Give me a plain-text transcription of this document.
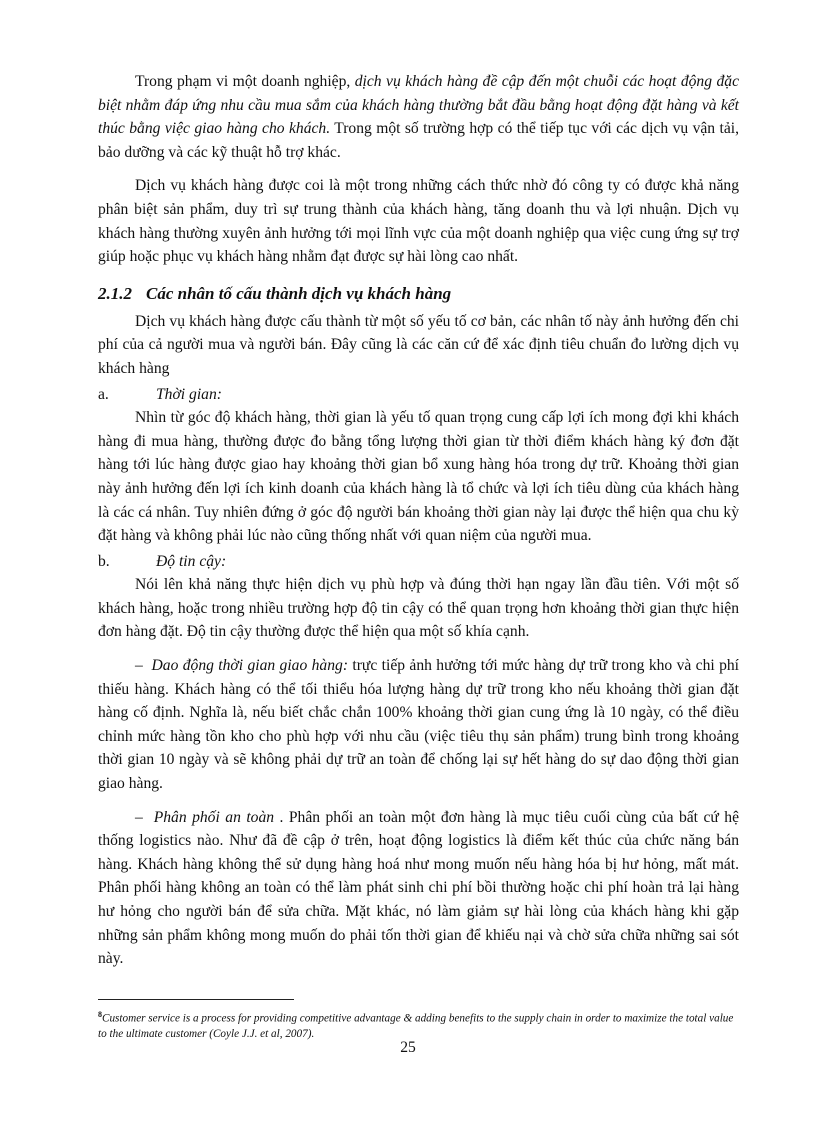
Trong phạm vi một doanh nghiệp, dịch vụ khách hàng đề cập đến một chuỗi các hoạt động đặc biệt nhằm đáp ứng nhu cầu mua sắm của khách hàng thường bắt đầu bằng hoạt động đặt hàng và kết thúc bằng việc giao hàng cho khách. Trong một số trường hợp có thể tiếp tục với các dịch vụ vận tải, bảo dưỡng và các kỹ thuật hỗ trợ khác.

Dịch vụ khách hàng được coi là một trong những cách thức nhờ đó công ty có được khả năng phân biệt sản phẩm, duy trì sự trung thành của khách hàng, tăng doanh thu và lợi nhuận. Dịch vụ khách hàng thường xuyên ảnh hưởng tới mọi lĩnh vực của một doanh nghiệp qua việc cung ứng sự trợ giúp hoặc phục vụ khách hàng nhằm đạt được sự hài lòng cao nhất.

2.1.2 Các nhân tố cấu thành dịch vụ khách hàng

Dịch vụ khách hàng được cấu thành từ một số yếu tố cơ bản, các nhân tố này ảnh hưởng đến chi phí của cả người mua và người bán. Đây cũng là các căn cứ để xác định tiêu chuẩn đo lường dịch vụ khách hàng

a.	Thời gian:

Nhìn từ góc độ khách hàng, thời gian là yếu tố quan trọng cung cấp lợi ích mong đợi khi khách hàng đi mua hàng, thường được đo bằng tổng lượng thời gian từ thời điểm khách hàng ký đơn đặt hàng tới lúc hàng được giao hay khoảng thời gian bổ xung hàng hóa trong dự trữ. Khoảng thời gian này ảnh hưởng đến lợi ích kinh doanh của khách hàng là tổ chức và lợi ích tiêu dùng của khách hàng là các cá nhân. Tuy nhiên đứng ở góc độ người bán khoảng thời gian này lại được thể hiện qua chu kỳ đặt hàng và không phải lúc nào cũng thống nhất với quan niệm của người mua.

b.	Độ tin cậy:

Nói lên khả năng thực hiện dịch vụ phù hợp và đúng thời hạn ngay lần đầu tiên. Với một số khách hàng, hoặc trong nhiều trường hợp độ tin cậy có thể quan trọng hơn khoảng thời gian thực hiện đơn hàng đặt. Độ tin cậy thường được thể hiện qua một số khía cạnh.

– Dao động thời gian giao hàng: trực tiếp ảnh hưởng tới mức hàng dự trữ trong kho và chi phí thiếu hàng. Khách hàng có thể tối thiểu hóa lượng hàng dự trữ trong kho nếu khoảng thời gian đặt hàng cố định. Nghĩa là, nếu biết chắc chắn 100% khoảng thời gian cung ứng là 10 ngày, có thể điều chỉnh mức hàng tồn kho cho phù hợp với nhu cầu (việc tiêu thụ sản phẩm) trung bình trong khoảng thời gian 10 ngày và sẽ không phải dự trữ an toàn để chống lại sự hết hàng do sự dao động thời gian giao hàng.

– Phân phối an toàn . Phân phối an toàn một đơn hàng là mục tiêu cuối cùng của bất cứ hệ thống logistics nào. Như đã đề cập ở trên, hoạt động logistics là điểm kết thúc của chức năng bán hàng. Khách hàng không thể sử dụng hàng hoá như mong muốn nếu hàng hóa bị hư hỏng, mất mát. Phân phối hàng không an toàn có thể làm phát sinh chi phí bồi thường hoặc chi phí hoàn trả lại hàng hư hỏng cho người bán để sửa chữa. Mặt khác, nó làm giảm sự hài lòng của khách hàng khi gặp những sản phẩm không mong muốn do phải tốn thời gian để khiếu nại và chờ sửa chữa những sai sót này.

$^8$Customer service is a process for providing competitive advantage & adding benefits to the supply chain in order to maximize the total value to the ultimate customer (Coyle J.J. et al, 2007).
25
